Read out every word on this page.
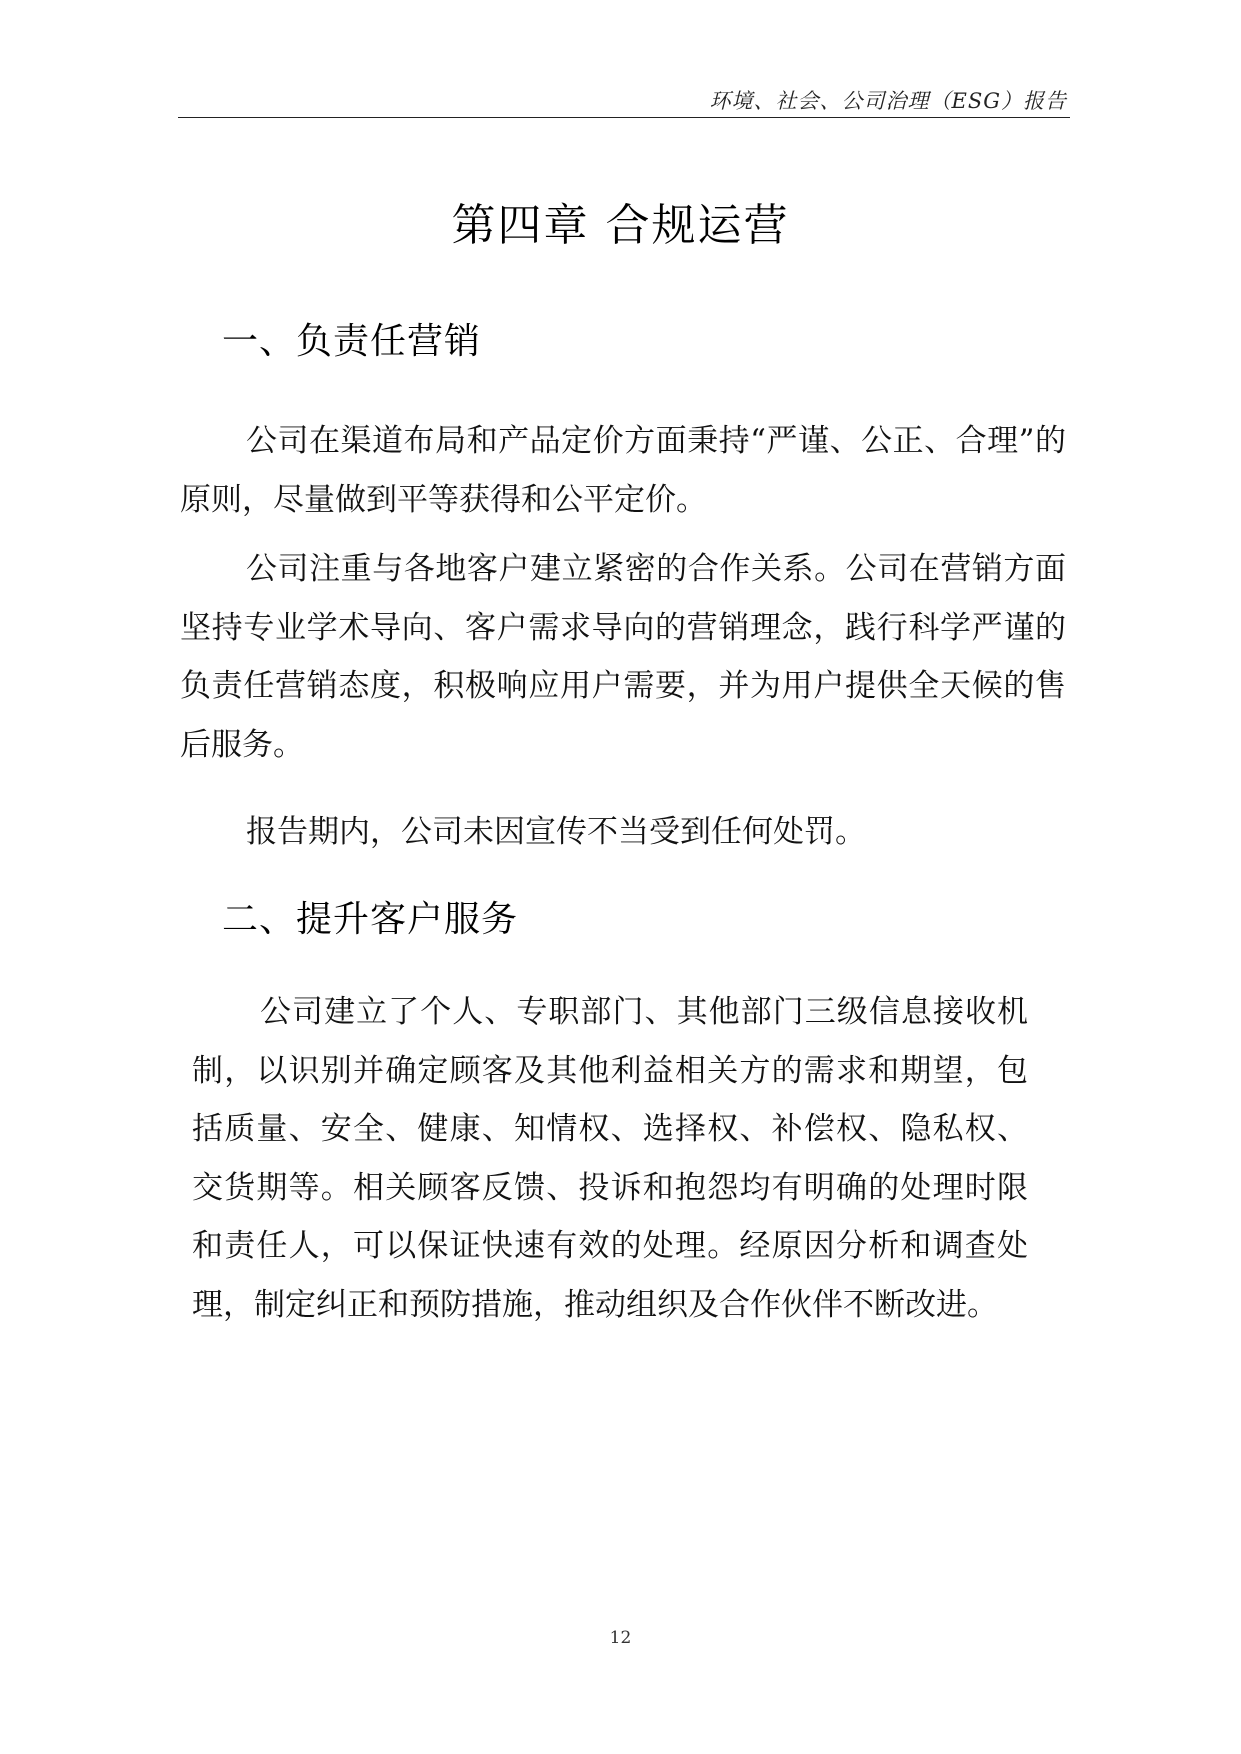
环境、社会、公司治理（ESG）报告
第四章 合规运营
一、负责任营销

公司在渠道布局和产品定价方面秉持“严谨、公正、合理”的原则，尽量做到平等获得和公平定价。

公司注重与各地客户建立紧密的合作关系。公司在营销方面坚持专业学术导向、客户需求导向的营销理念，践行科学严谨的负责任营销态度，积极响应用户需要，并为用户提供全天候的售后服务。

报告期内，公司未因宣传不当受到任何处罚。

二、提升客户服务

公司建立了个人、专职部门、其他部门三级信息接收机制，以识别并确定顾客及其他利益相关方的需求和期望，包括质量、安全、健康、知情权、选择权、补偿权、隐私权、交货期等。相关顾客反馈、投诉和抱怨均有明确的处理时限和责任人，可以保证快速有效的处理。经原因分析和调查处理，制定纠正和预防措施，推动组织及合作伙伴不断改进。

12
